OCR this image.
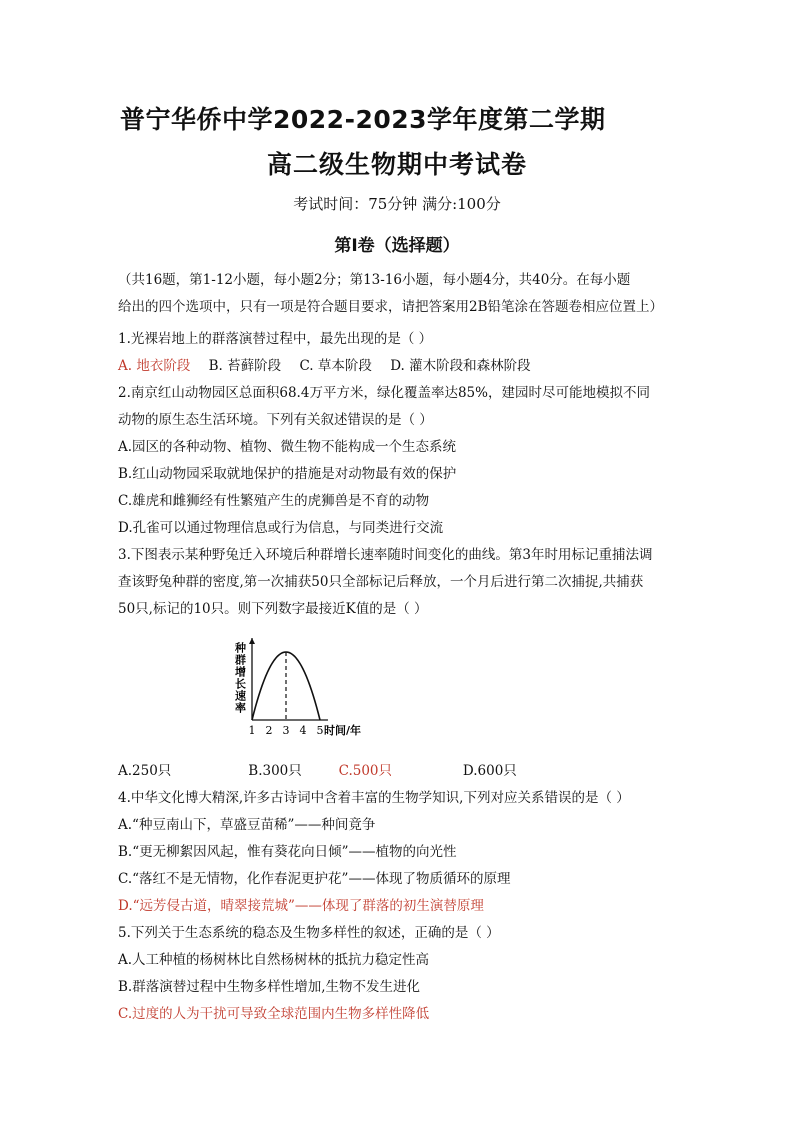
普宁华侨中学2022-2023学年度第二学期
高二级生物期中考试卷
考试时间：75分钟 满分:100分
第Ⅰ卷（选择题）
（共16题，第1-12小题，每小题2分；第13-16小题，每小题4分，共40分。在每小题
给出的四个选项中，只有一项是符合题目要求，请把答案用2B铅笔涂在答题卷相应位置上）
1.光裸岩地上的群落演替过程中，最先出现的是（ ）
A. 地衣阶段 B. 苔藓阶段 C. 草本阶段 D. 灌木阶段和森林阶段
2.南京红山动物园区总面积68.4万平方米，绿化覆盖率达85%，建园时尽可能地模拟不同
动物的原生态生活环境。下列有关叙述错误的是（ ）
A.园区的各种动物、植物、微生物不能构成一个生态系统
B.红山动物园采取就地保护的措施是对动物最有效的保护
C.雄虎和雌狮经有性繁殖产生的虎狮兽是不育的动物
D.孔雀可以通过物理信息或行为信息，与同类进行交流
3.下图表示某种野兔迁入环境后种群增长速率随时间变化的曲线。第3年时用标记重捕法调
查该野兔种群的密度,第一次捕获50只全部标记后释放，一个月后进行第二次捕捉,共捕获
50只,标记的10只。则下列数字最接近K值的是（ ）
种群增长速率
1 2 3 4 5 时间/年
A.250只	B.300只	C.500只	D.600只
4.中华文化博大精深,许多古诗词中含着丰富的生物学知识,下列对应关系错误的是（ ）
A.“种豆南山下，草盛豆苗稀”——种间竟争
B.“更无柳絮因风起，惟有葵花向日倾”——植物的向光性
C.“落红不是无情物，化作春泥更护花”——体现了物质循环的原理
D.“远芳侵古道，晴翠接荒城”——体现了群落的初生演替原理
5.下列关于生态系统的稳态及生物多样性的叙述，正确的是（ ）
A.人工种植的杨树林比自然杨树林的抵抗力稳定性高
B.群落演替过程中生物多样性增加,生物不发生进化
C.过度的人为干扰可导致全球范围内生物多样性降低
